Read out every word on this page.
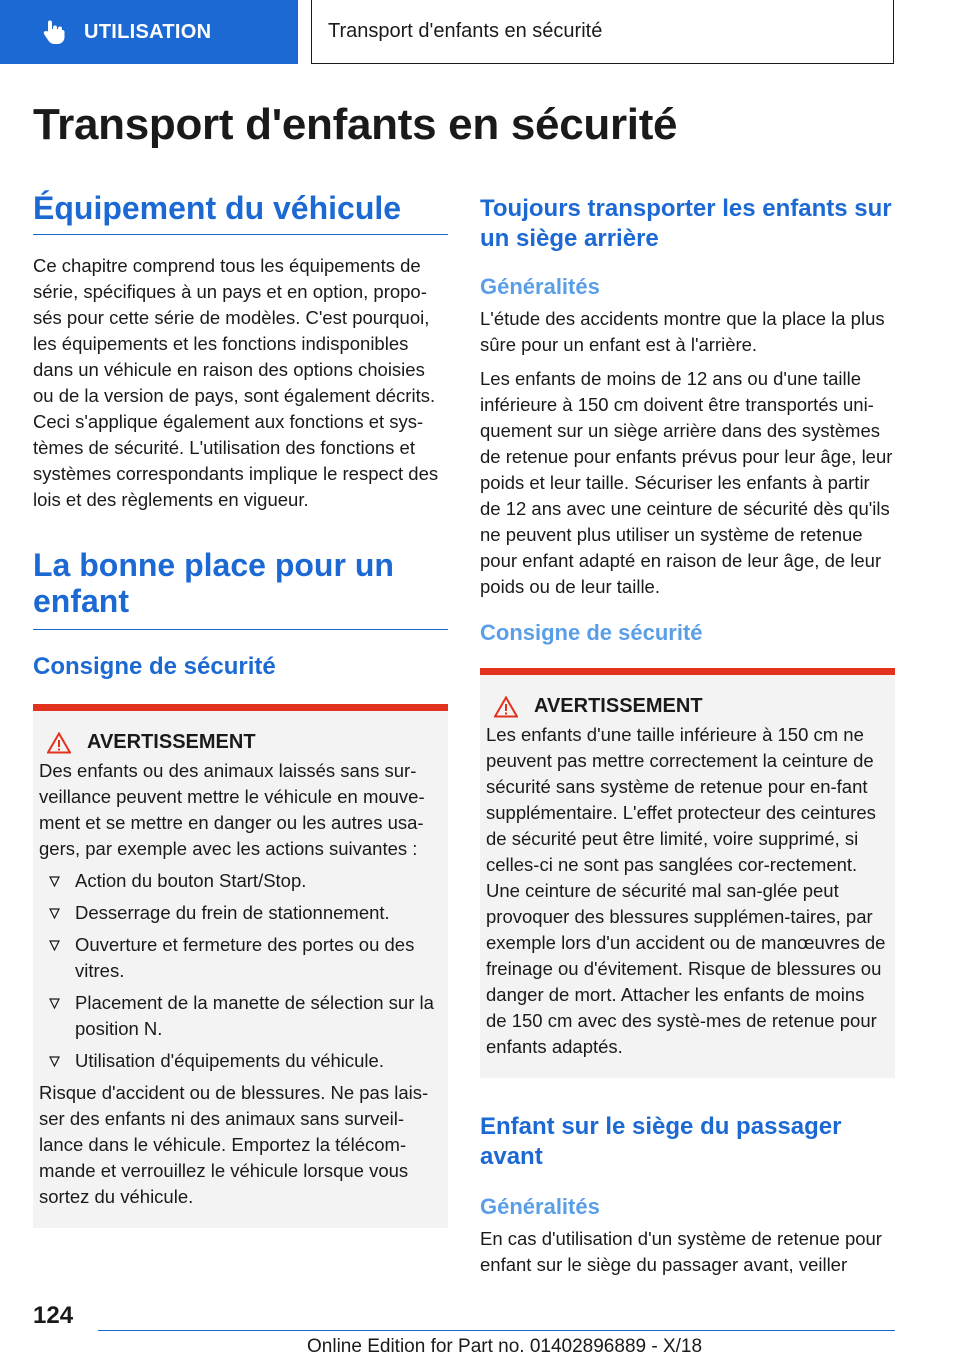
UTILISATION	Transport d'enfants en sécurité
Transport d'enfants en sécurité
Équipement du véhicule

Ce chapitre comprend tous les équipements de série, spécifiques à un pays et en option, propo-sés pour cette série de modèles. C'est pourquoi, les équipements et les fonctions indisponibles dans un véhicule en raison des options choisies ou de la version de pays, sont également décrits. Ceci s'applique également aux fonctions et sys-tèmes de sécurité. L'utilisation des fonctions et systèmes correspondants implique le respect des lois et des règlements en vigueur.

La bonne place pour un enfant
Consigne de sécurité
AVERTISSEMENT

Des enfants ou des animaux laissés sans sur-veillance peuvent mettre le véhicule en mouve-ment et se mettre en danger ou les autres usa-gers, par exemple avec les actions suivantes :

Action du bouton Start/Stop.
Desserrage du frein de stationnement.
Ouverture et fermeture des portes ou des vitres.
Placement de la manette de sélection sur la position N.
Utilisation d'équipements du véhicule.

Risque d'accident ou de blessures. Ne pas lais-ser des enfants ni des animaux sans surveil-lance dans le véhicule. Emportez la télécom-mande et verrouillez le véhicule lorsque vous sortez du véhicule.

Toujours transporter les enfants sur un siège arrière
Généralités

L'étude des accidents montre que la place la plus sûre pour un enfant est à l'arrière.

Les enfants de moins de 12 ans ou d'une taille inférieure à 150 cm doivent être transportés uni-quement sur un siège arrière dans des systèmes de retenue pour enfants prévus pour leur âge, leur poids et leur taille. Sécuriser les enfants à partir de 12 ans avec une ceinture de sécurité dès qu'ils ne peuvent plus utiliser un système de retenue pour enfant adapté en raison de leur âge, de leur poids ou de leur taille.

Consigne de sécurité
AVERTISSEMENT

Les enfants d'une taille inférieure à 150 cm ne peuvent pas mettre correctement la ceinture de sécurité sans système de retenue pour en-fant supplémentaire. L'effet protecteur des ceintures de sécurité peut être limité, voire supprimé, si celles-ci ne sont pas sanglées cor-rectement. Une ceinture de sécurité mal san-glée peut provoquer des blessures supplémen-taires, par exemple lors d'un accident ou de manœuvres de freinage ou d'évitement. Risque de blessures ou danger de mort. Attacher les enfants de moins de 150 cm avec des systè-mes de retenue pour enfants adaptés.

Enfant sur le siège du passager avant
Généralités

En cas d'utilisation d'un système de retenue pour enfant sur le siège du passager avant, veiller

124
Online Edition for Part no. 01402896889 - X/18
